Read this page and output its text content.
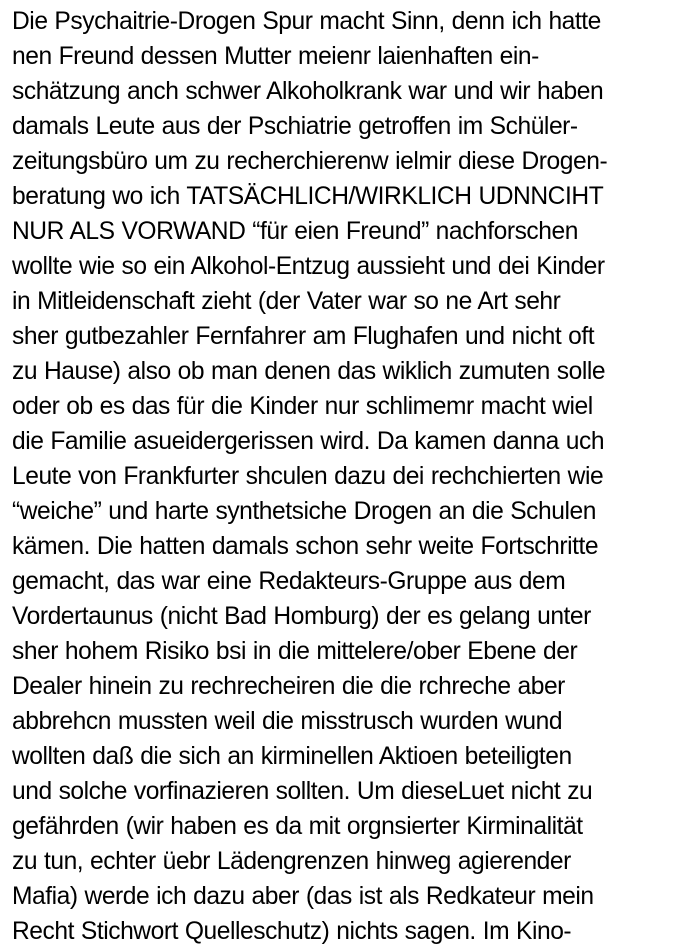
Die Psychaitrie-Drogen Spur macht Sinn, denn ich hatte
nen Freund dessen Mutter meienr laienhaften ein-
schätzung anch schwer Alkoholkrank war und wir haben
damals Leute aus der Pschiatrie getroffen im Schüler-
zeitungsbüro um zu recherchierenw ielmir diese Drogen-
beratung wo ich TATSÄCHLICH/WIRKLICH UDNNCIHT
NUR ALS VORWAND “für eien Freund” nachforschen
wollte wie so ein Alkohol-Entzug aussieht und dei Kinder
in Mitleidenschaft zieht (der Vater war so ne Art sehr
sher gutbezahler Fernfahrer am Flughafen und nicht oft
zu Hause) also ob man denen das wiklich zumuten solle
oder ob es das für die Kinder nur schlimemr macht wiel
die Familie asueidergerissen wird. Da kamen danna uch
Leute von Frankfurter shculen dazu dei rechchierten wie
“weiche” und harte synthetsiche Drogen an die Schulen
kämen. Die hatten damals schon sehr weite Fortschritte
gemacht, das war eine Redakteurs-Gruppe aus dem
Vordertaunus (nicht Bad Homburg) der es gelang unter
sher hohem Risiko bsi in die mittelere/ober Ebene der
Dealer hinein zu rechrecheiren die die rchreche aber
abbrehcn mussten weil die misstrusch wurden wund
wollten daß die sich an kirminellen Aktioen beteiligten
und solche vorfinazieren sollten. Um dieseLuet nicht zu
gefährden (wir haben es da mit orgnsierter Kirminalität
zu tun, echter üebr Lädengrenzen hinweg agierender
Mafia) werde ich dazu aber (das ist als Redkateur mein
Recht Stichwort Quelleschutz) nichts sagen. Im Kino-
